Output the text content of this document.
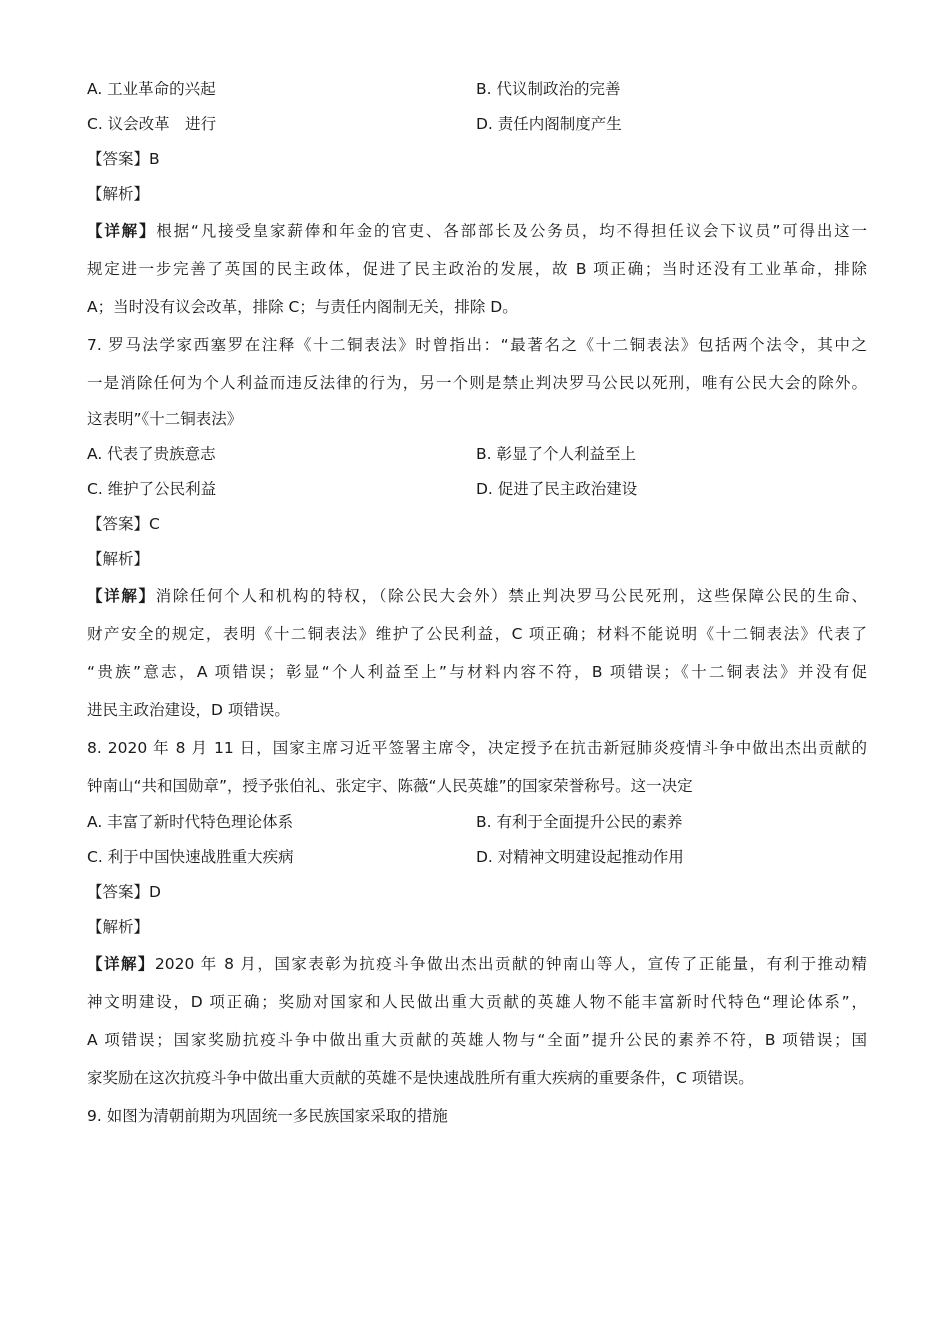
A. 工业革命的兴起	B. 代议制政治的完善
C. 议会改革　进行	D. 责任内阁制度产生
【答案】B
【解析】
【详解】根据“凡接受皇家薪俸和年金的官吏、各部部长及公务员，均不得担任议会下议员”可得出这一
规定进一步完善了英国的民主政体，促进了民主政治的发展，故 B 项正确；当时还没有工业革命，排除
A；当时没有议会改革，排除 C；与责任内阁制无关，排除 D。
7. 罗马法学家西塞罗在注释《十二铜表法》时曾指出：“最著名之《十二铜表法》包括两个法令，其中之
一是消除任何为个人利益而违反法律的行为，另一个则是禁止判决罗马公民以死刑，唯有公民大会的除外。
这表明”《十二铜表法》
A. 代表了贵族意志	B. 彰显了个人利益至上
C. 维护了公民利益	D. 促进了民主政治建设
【答案】C
【解析】
【详解】消除任何个人和机构的特权，（除公民大会外）禁止判决罗马公民死刑，这些保障公民的生命、
财产安全的规定，表明《十二铜表法》维护了公民利益，C 项正确；材料不能说明《十二铜表法》代表了
“贵族”意志，A 项错误；彰显“个人利益至上”与材料内容不符，B 项错误；《十二铜表法》并没有促
进民主政治建设，D 项错误。
8. 2020 年 8 月 11 日，国家主席习近平签署主席令，决定授予在抗击新冠肺炎疫情斗争中做出杰出贡献的
钟南山“共和国勋章”，授予张伯礼、张定宇、陈薇“人民英雄”的国家荣誉称号。这一决定
A. 丰富了新时代特色理论体系	B. 有利于全面提升公民的素养
C. 利于中国快速战胜重大疾病	D. 对精神文明建设起推动作用
【答案】D
【解析】
【详解】2020 年 8 月，国家表彰为抗疫斗争做出杰出贡献的钟南山等人，宣传了正能量，有利于推动精
神文明建设，D 项正确；奖励对国家和人民做出重大贡献的英雄人物不能丰富新时代特色“理论体系”，
A 项错误；国家奖励抗疫斗争中做出重大贡献的英雄人物与“全面”提升公民的素养不符，B 项错误；国
家奖励在这次抗疫斗争中做出重大贡献的英雄不是快速战胜所有重大疾病的重要条件，C 项错误。
9. 如图为清朝前期为巩固统一多民族国家采取的措施
